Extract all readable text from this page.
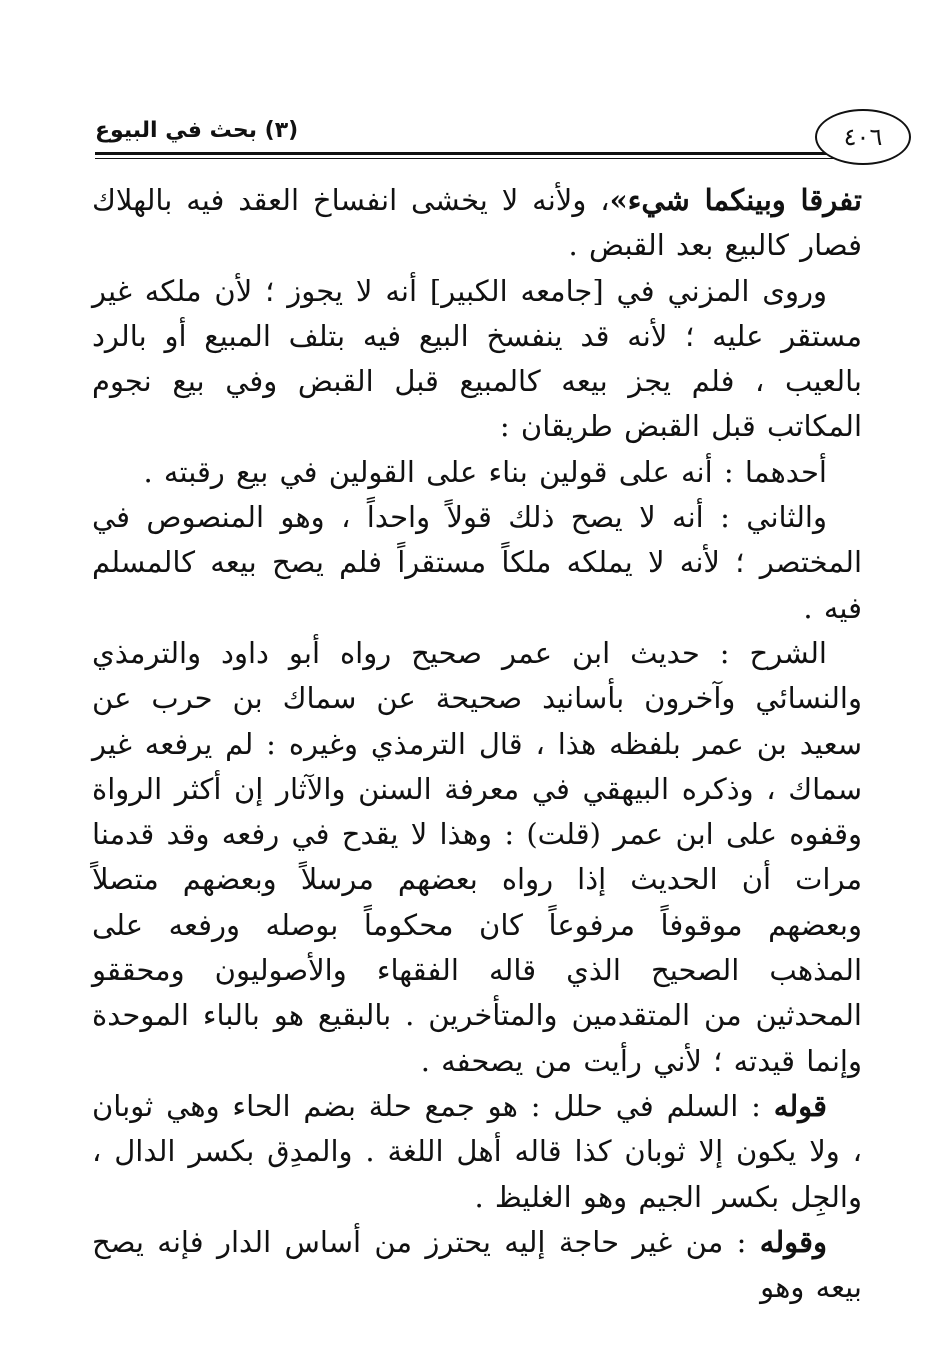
٤٠٦
(٣) بحث في البيوع

تفرقا وبينكما شيء»، ولأنه لا يخشى انفساخ العقد فيه بالهلاك فصار كالبيع بعد القبض .

وروى المزني في [جامعه الكبير] أنه لا يجوز ؛ لأن ملكه غير مستقر عليه ؛ لأنه قد ينفسخ البيع فيه بتلف المبيع أو بالرد بالعيب ، فلم يجز بيعه كالمبيع قبل القبض وفي بيع نجوم المكاتب قبل القبض طريقان :

أحدهما : أنه على قولين بناء على القولين في بيع رقبته .

والثاني : أنه لا يصح ذلك قولاً واحداً ، وهو المنصوص في المختصر ؛ لأنه لا يملكه ملكاً مستقراً فلم يصح بيعه كالمسلم فيه .

الشرح : حديث ابن عمر صحيح رواه أبو داود والترمذي والنسائي وآخرون بأسانيد صحيحة عن سماك بن حرب عن سعيد بن عمر بلفظه هذا ، قال الترمذي وغيره : لم يرفعه غير سماك ، وذكره البيهقي في معرفة السنن والآثار إن أكثر الرواة وقفوه على ابن عمر (قلت) : وهذا لا يقدح في رفعه وقد قدمنا مرات أن الحديث إذا رواه بعضهم مرسلاً وبعضهم متصلاً وبعضهم موقوفاً مرفوعاً كان محكوماً بوصله ورفعه على المذهب الصحيح الذي قاله الفقهاء والأصوليون ومحققو المحدثين من المتقدمين والمتأخرين . بالبقيع هو بالباء الموحدة وإنما قيدته ؛ لأني رأيت من يصحفه .

قوله : السلم في حلل : هو جمع حلة بضم الحاء وهي ثوبان ، ولا يكون إلا ثوبان كذا قاله أهل اللغة . والمدِق بكسر الدال ، والجِل بكسر الجيم وهو الغليظ .

وقوله : من غير حاجة إليه يحترز من أساس الدار فإنه يصح بيعه وهو
